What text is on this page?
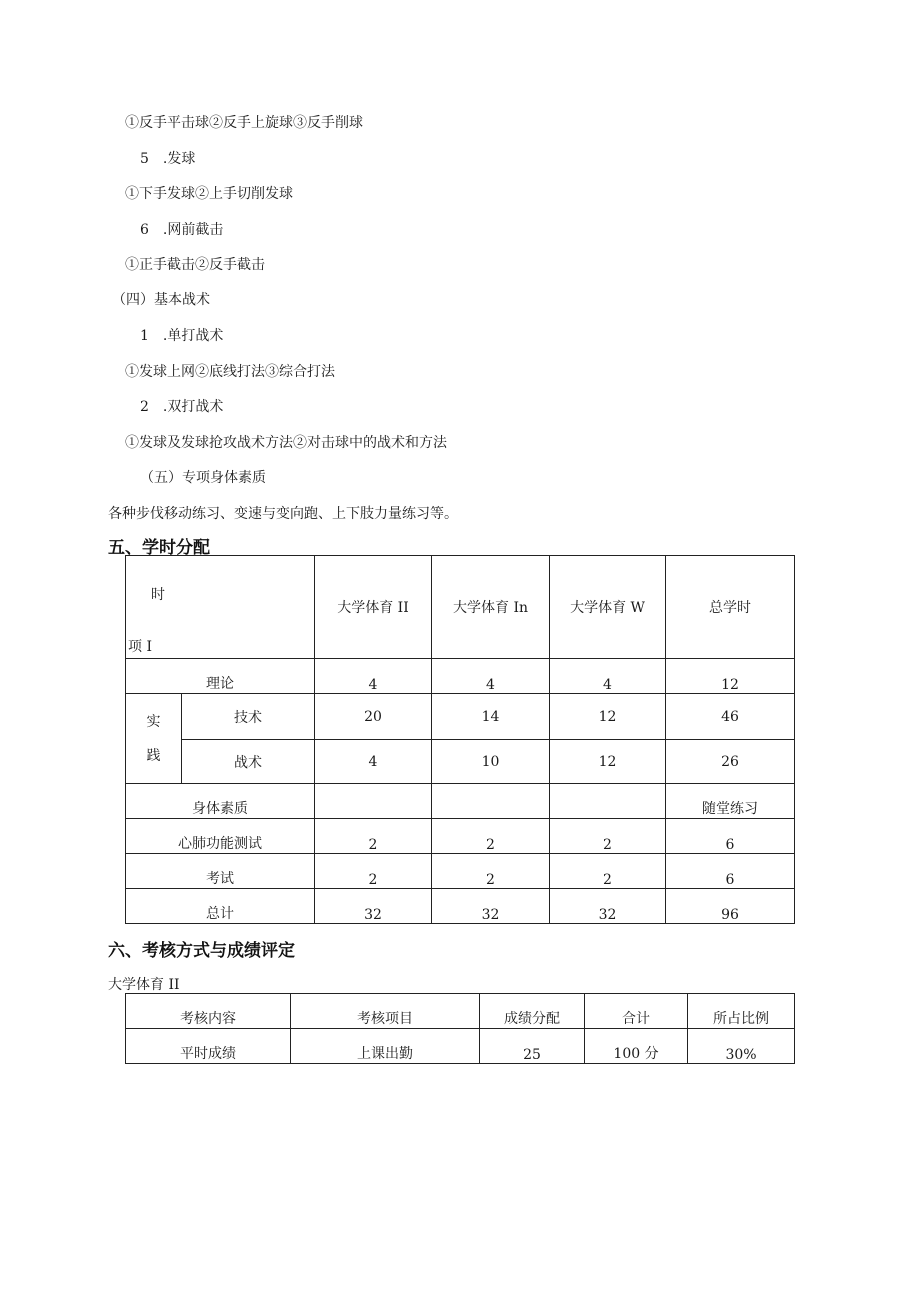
①反手平击球②反手上旋球③反手削球
5　.发球
①下手发球②上手切削发球
6　.网前截击
①正手截击②反手截击
（四）基本战术
1　.单打战术
①发球上网②底线打法③综合打法
2　.双打战术
①发球及发球抢攻战术方法②对击球中的战术和方法
（五）专项身体素质
各种步伐移动练习、变速与变向跑、上下肢力量练习等。
五、学时分配
时
项 I		大学体育 II	大学体育 In	大学体育 W	总学时
理论		4	4	4	12
实
践	技术	20	14	12	46
	战术	4	10	12	26
身体素质					随堂练习
心肺功能测试		2	2	2	6
考试		2	2	2	6
总计		32	32	32	96
六、考核方式与成绩评定
大学体育 II
考核内容	考核项目	成绩分配	合计	所占比例
平时成绩	上课出勤	25	100 分	30%
